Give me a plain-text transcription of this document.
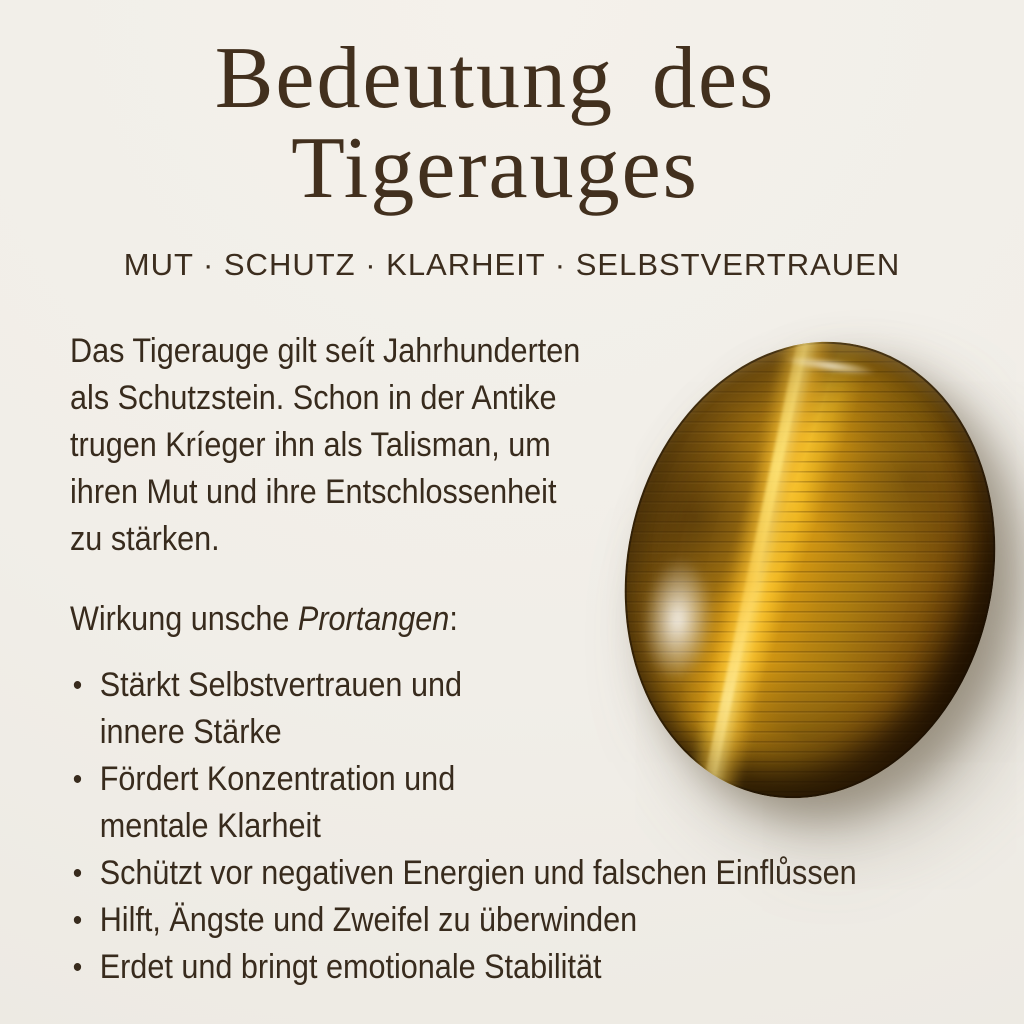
Bedeutung des
Tigerauges
MUT · SCHUTZ · KLARHEIT · SELBSTVERTRAUEN
Das Tigerauge gilt seít Jahrhunderten
als Schutzstein. Schon in der Antike
trugen Kríeger ihn als Talisman, um
ihren Mut und ihre Entschlossenheit
zu stärken.
Wirkung unsche Prortangen:
• Stärkt Selbstvertrauen und
innere Stärke
• Fördert Konzentration und
mentale Klarheit
• Schützt vor negativen Energien und falschen Einflůssen
• Hilft, Ängste und Zweifel zu überwinden
• Erdet und bringt emotionale Stabilität
